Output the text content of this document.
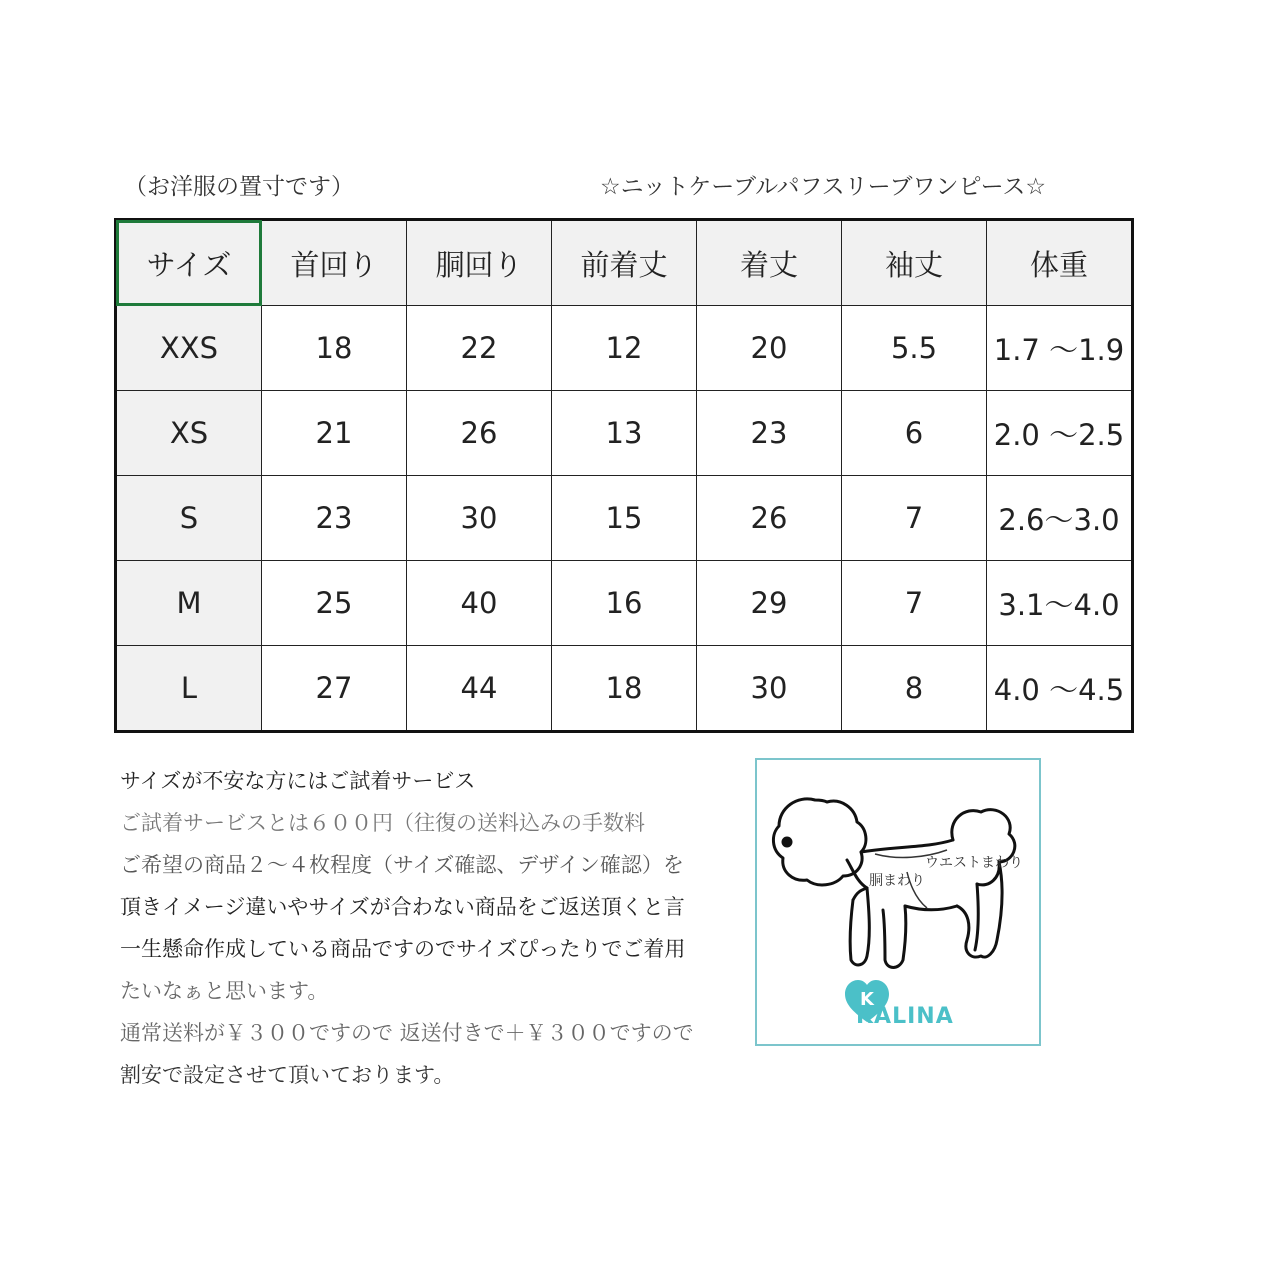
（お洋服の置寸です）	☆ニットケーブルパフスリーブワンピース☆
サイズ	首回り	胴回り	前着丈	着丈	袖丈	体重
XXS	18	22	12	20	5.5	1.7 〜1.9
XS	21	26	13	23	6	2.0 〜2.5
S	23	30	15	26	7	2.6〜3.0
M	25	40	16	29	7	3.1〜4.0
L	27	44	18	30	8	4.0 〜4.5
サイズが不安な方にはご試着サービス
ご試着サービスとは６００円（往復の送料込みの手数料
ご希望の商品２〜４枚程度（サイズ確認、デザイン確認）を
頂きイメージ違いやサイズが合わない商品をご返送頂くと言
一生懸命作成している商品ですのでサイズぴったりでご着用
たいなぁと思います。
通常送料が￥３００ですので 返送付きで＋￥３００ですので
割安で設定させて頂いております。
K
ウエストまわり
胴まわり
KALINA
